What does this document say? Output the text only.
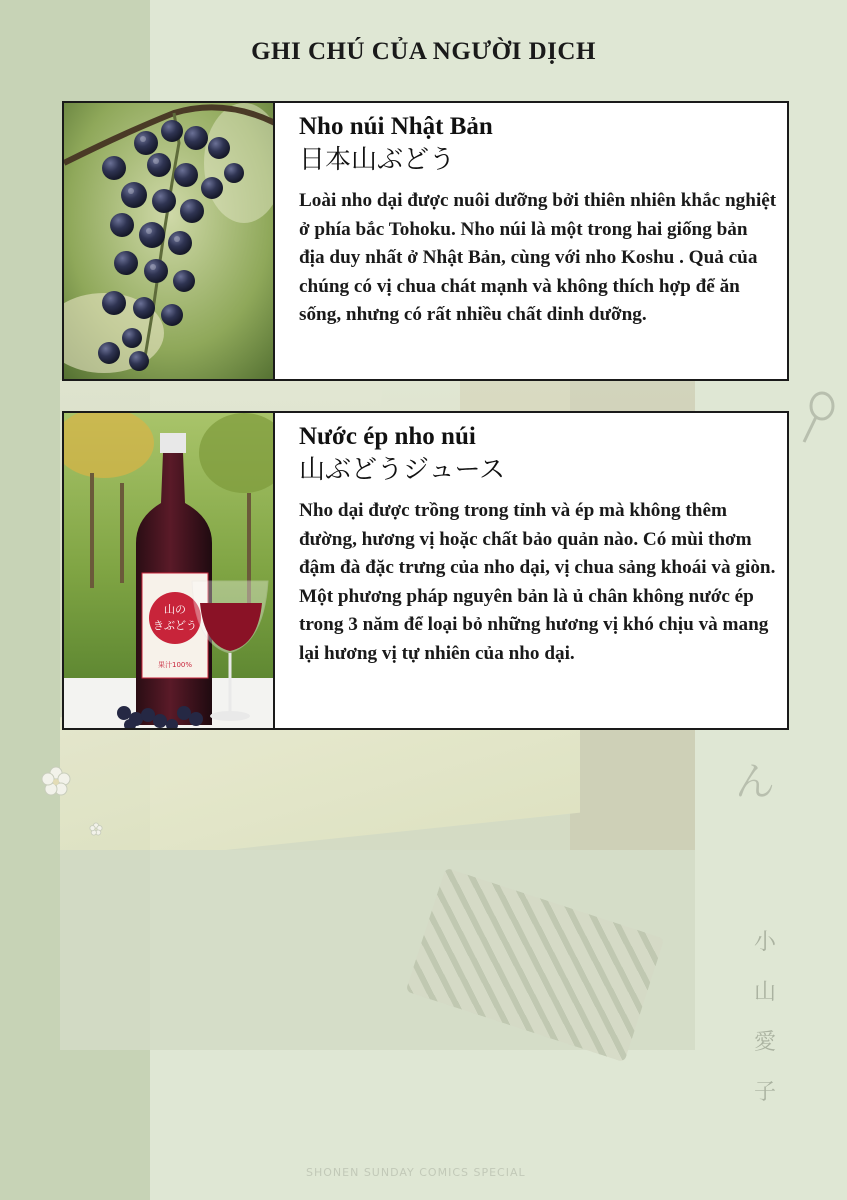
ん
小
山
愛
子
GHI CHÚ CỦA NGƯỜI DỊCH

Nho núi Nhật Bản

日本山ぶどう

Loài nho dại được nuôi dưỡng bởi thiên nhiên khắc nghiệt ở phía bắc Tohoku. Nho núi là một trong hai giống bản địa duy nhất ở Nhật Bản, cùng với nho Koshu . Quả của chúng có vị chua chát mạnh và không thích hợp để ăn sống, nhưng có rất nhiều chất dinh dưỡng.

山の
きぶどう
果汁100%

Nước ép nho núi

山ぶどうジュース

Nho dại được trồng trong tỉnh và ép mà không thêm đường, hương vị hoặc chất bảo quản nào. Có mùi thơm đậm đà đặc trưng của nho dại, vị chua sảng khoái và giòn. Một phương pháp nguyên bản là ủ chân không nước ép trong 3 năm để loại bỏ những hương vị khó chịu và mang lại hương vị tự nhiên của nho dại.

SHONEN SUNDAY COMICS SPECIAL
